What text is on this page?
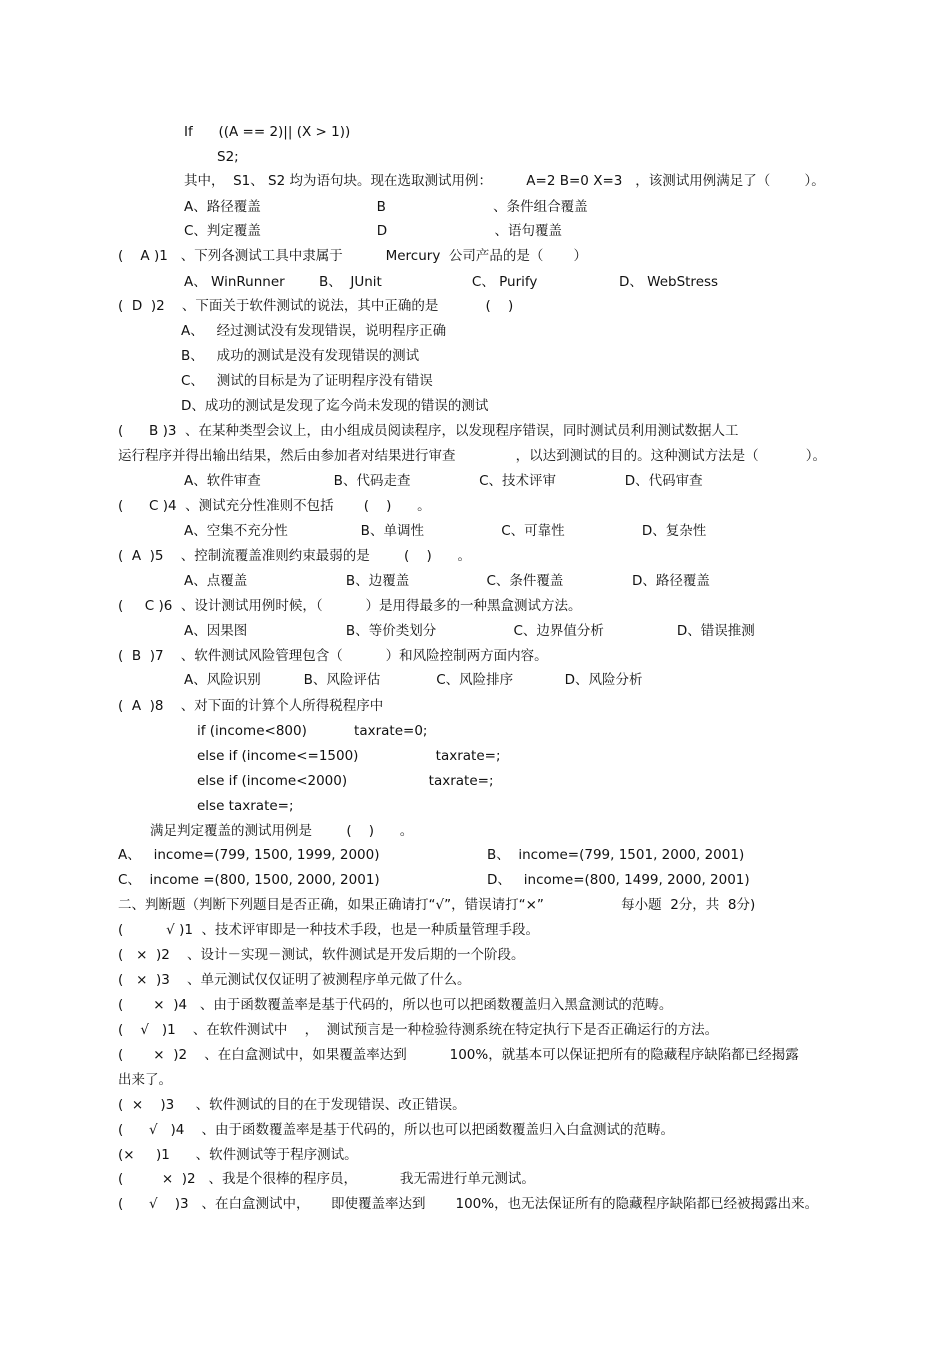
If      ((A == 2)|| (X > 1))
S2;
其中，  S1、 S2 均为语句块。现在选取测试用例：        A=2 B=0 X=3   ，该测试用例满足了（        ）。
A、路径覆盖                           B                         、条件组合覆盖
C、判定覆盖                           D                         、语句覆盖
(    A )1   、下列各测试工具中隶属于          Mercury  公司产品的是（       ）
A、 WinRunner        B、  JUnit                     C、 Purify                   D、 WebStress
(  D  )2    、下面关于软件测试的说法，其中正确的是           (    )
A、   经过测试没有发现错误，说明程序正确
B、   成功的测试是没有发现错误的测试
C、   测试的目标是为了证明程序没有错误
D、成功的测试是发现了迄今尚未发现的错误的测试
(      B )3  、在某种类型会议上，由小组成员阅读程序，以发现程序错误，同时测试员利用测试数据人工
运行程序并得出输出结果，然后由参加者对结果进行审查              ，以达到测试的目的。这种测试方法是（           ）。
A、软件审查                 B、代码走查                C、技术评审                D、代码审查
(      C )4  、测试充分性准则不包括       (    )      。
A、空集不充分性                 B、单调性                  C、可靠性                  D、复杂性
(  A  )5    、控制流覆盖准则约束最弱的是        (    )      。
A、点覆盖                       B、边覆盖                  C、条件覆盖                D、路径覆盖
(     C )6  、设计测试用例时候，（          ）是用得最多的一种黑盒测试方法。
A、因果图                       B、等价类划分                  C、边界值分析                 D、错误推测
(  B  )7    、软件测试风险管理包含（          ）和风险控制两方面内容。
A、风险识别          B、风险评估             C、风险排序            D、风险分析
(  A  )8    、对下面的计算个人所得税程序中
if (income<800)           taxrate=0;
else if (income<=1500)                  taxrate=;
else if (income<2000)                   taxrate=;
else taxrate=;
满足判定覆盖的测试用例是        (    )      。
A、   income=(799, 1500, 1999, 2000)	B、  income=(799, 1501, 2000, 2001)
C、  income =(800, 1500, 2000, 2001)	D、   income=(800, 1499, 2000, 2001)
二、判断题（判断下列题目是否正确，如果正确请打“√”，错误请打“×”                  每小题  2分，共  8分)
(          √ )1  、技术评审即是一种技术手段，也是一种质量管理手段。
(   ×  )2    、设计－实现－测试，软件测试是开发后期的一个阶段。
(   ×  )3    、单元测试仅仅证明了被测程序单元做了什么。
(       ×  )4   、由于函数覆盖率是基于代码的，所以也可以把函数覆盖归入黑盒测试的范畴。
(    √   )1    、在软件测试中    ，  测试预言是一种检验待测系统在特定执行下是否正确运行的方法。
(       ×  )2    、在白盒测试中，如果覆盖率达到          100%，就基本可以保证把所有的隐藏程序缺陷都已经揭露
出来了。
(  ×    )3     、软件测试的目的在于发现错误、改正错误。
(      √   )4    、由于函数覆盖率是基于代码的，所以也可以把函数覆盖归入白盒测试的范畴。
(×     )1      、软件测试等于程序测试。
(         ×  )2   、我是个很棒的程序员，          我无需进行单元测试。
(      √    )3   、在白盒测试中，     即使覆盖率达到       100%，也无法保证所有的隐藏程序缺陷都已经被揭露出来。
